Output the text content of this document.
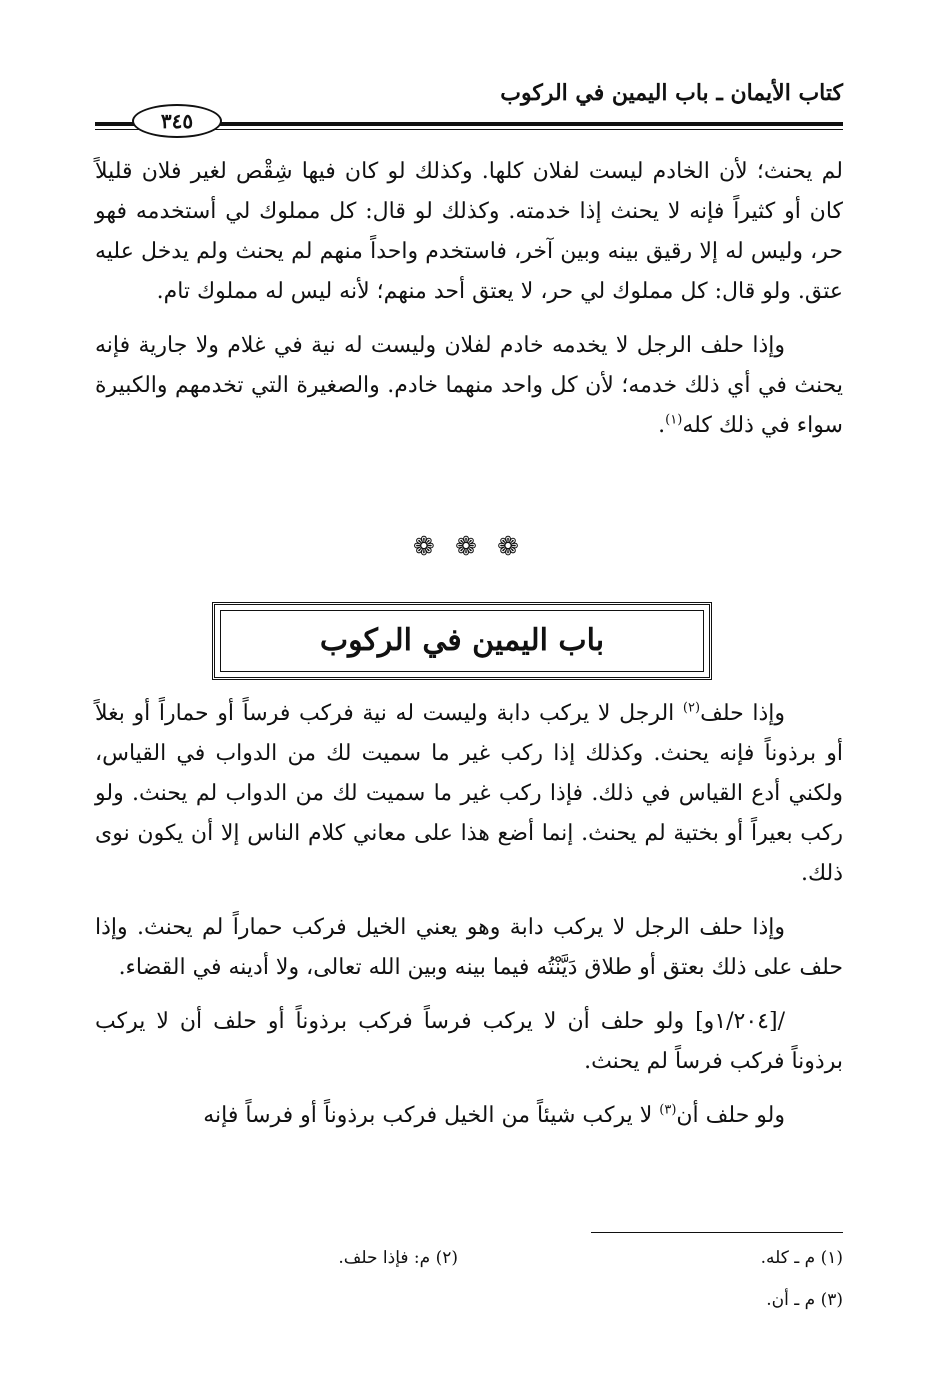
كتاب الأيمان ـ باب اليمين في الركوب
٣٤٥

لم يحنث؛ لأن الخادم ليست لفلان كلها. وكذلك لو كان فيها شِقْص لغير فلان قليلاً كان أو كثيراً فإنه لا يحنث إذا خدمته. وكذلك لو قال: كل مملوك لي أستخدمه فهو حر، وليس له إلا رقيق بينه وبين آخر، فاستخدم واحداً منهم لم يحنث ولم يدخل عليه عتق. ولو قال: كل مملوك لي حر، لا يعتق أحد منهم؛ لأنه ليس له مملوك تام.

وإذا حلف الرجل لا يخدمه خادم لفلان وليست له نية في غلام ولا جارية فإنه يحنث في أي ذلك خدمه؛ لأن كل واحد منهما خادم. والصغيرة التي تخدمهم والكبيرة سواء في ذلك كله$^{(١)}$.

❁ ❁ ❁
باب اليمين في الركوب

وإذا حلف$^{(٢)}$ الرجل لا يركب دابة وليست له نية فركب فرساً أو حماراً أو بغلاً أو برذوناً فإنه يحنث. وكذلك إذا ركب غير ما سميت لك من الدواب في القياس، ولكني أدع القياس في ذلك. فإذا ركب غير ما سميت لك من الدواب لم يحنث. ولو ركب بعيراً أو بختية لم يحنث. إنما أضع هذا على معاني كلام الناس إلا أن يكون نوى ذلك.

وإذا حلف الرجل لا يركب دابة وهو يعني الخيل فركب حماراً لم يحنث. وإذا حلف على ذلك بعتق أو طلاق دَيَّنْتُه فيما بينه وبين الله تعالى، ولا أدينه في القضاء.

/[١/٢٠٤و] ولو حلف أن لا يركب فرساً فركب برذوناً أو حلف أن لا يركب برذوناً فركب فرساً لم يحنث.

ولو حلف أن$^{(٣)}$ لا يركب شيئاً من الخيل فركب برذوناً أو فرساً فإنه

(١) م ـ كله.
(٢) م: فإذا حلف.
(٣) م ـ أن.
